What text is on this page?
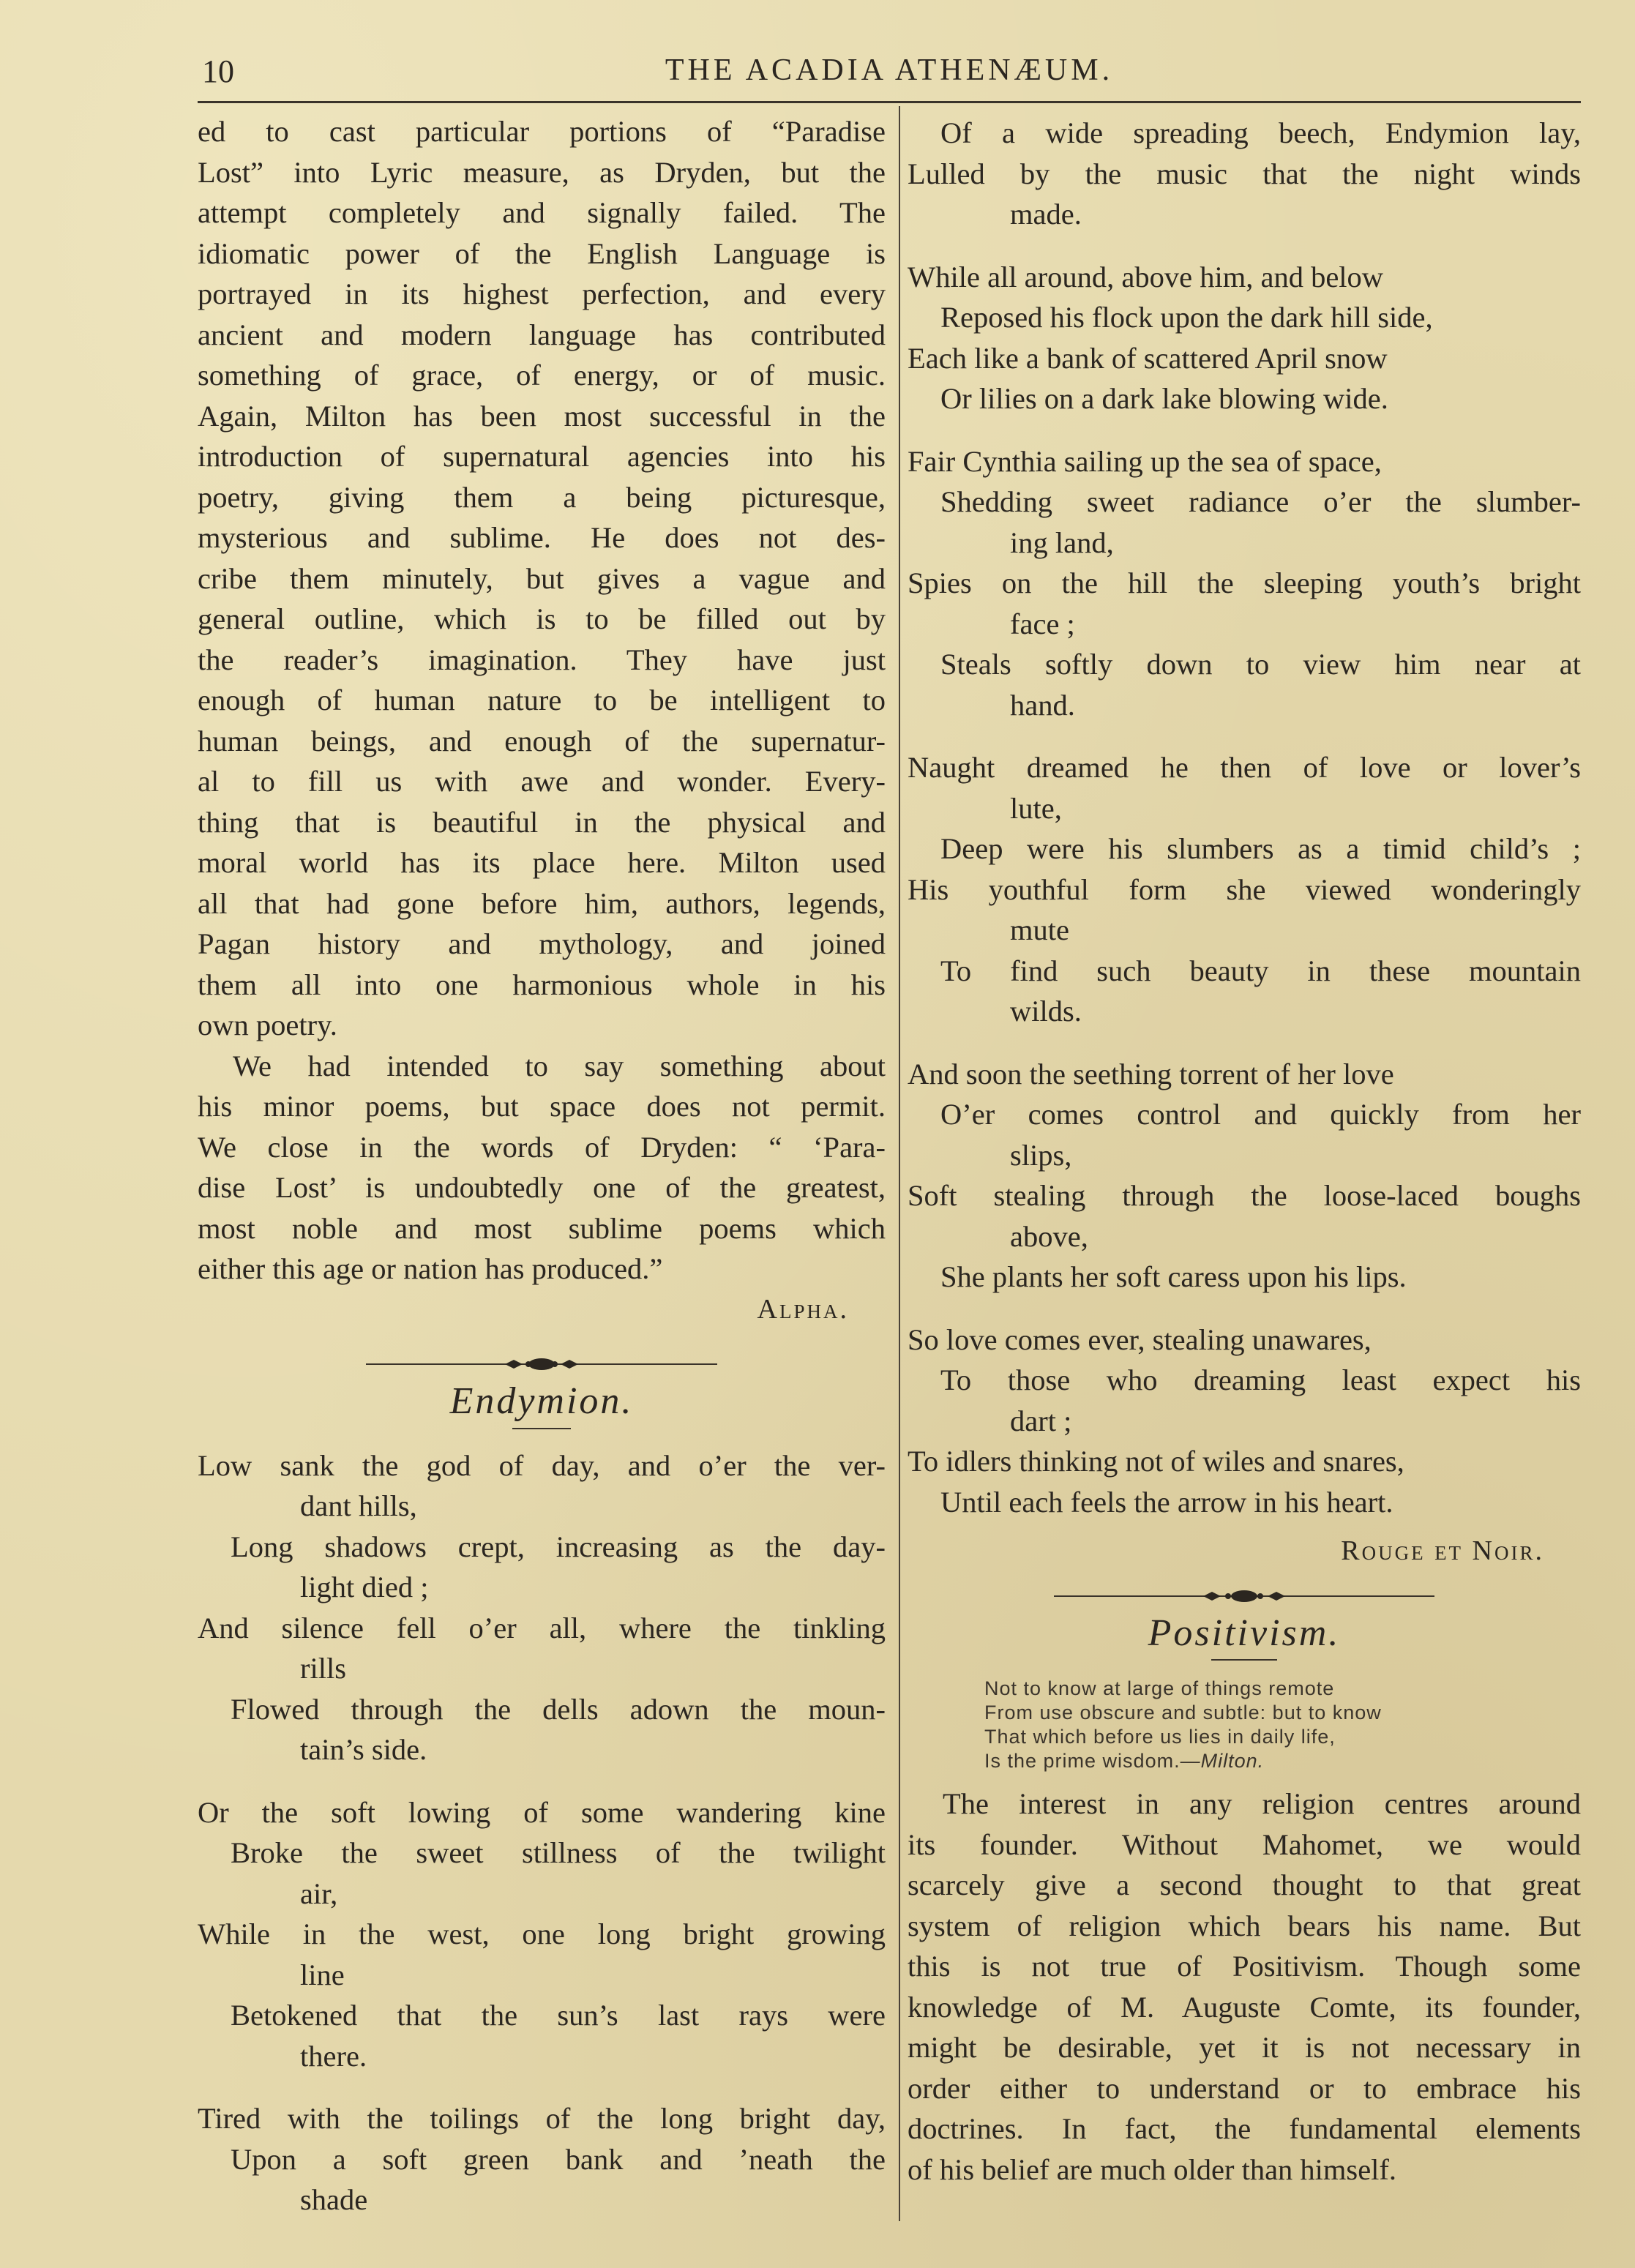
10	THE ACADIA ATHENÆUM.
ed to cast particular portions of “Paradise
Lost” into Lyric measure, as Dryden, but the
attempt completely and signally failed. The
idiomatic power of the English Language is
portrayed in its highest perfection, and every
ancient and modern language has contributed
something of grace, of energy, or of music.
Again, Milton has been most successful in the
introduction of supernatural agencies into his
poetry, giving them a being picturesque,
mysterious and sublime. He does not des-
cribe them minutely, but gives a vague and
general outline, which is to be filled out by
the reader’s imagination. They have just
enough of human nature to be intelligent to
human beings, and enough of the supernatur-
al to fill us with awe and wonder. Every-
thing that is beautiful in the physical and
moral world has its place here. Milton used
all that had gone before him, authors, legends,
Pagan history and mythology, and joined
them all into one harmonious whole in his
own poetry.
We had intended to say something about
his minor poems, but space does not permit.
We close in the words of Dryden: “ ‘Para-
dise Lost’ is undoubtedly one of the greatest,
most noble and most sublime poems which
either this age or nation has produced.”
Alpha.
Endymion.
Low sank the god of day, and o’er the ver-
dant hills,
Long shadows crept, increasing as the day-
light died ;
And silence fell o’er all, where the tinkling
rills
Flowed through the dells adown the moun-
tain’s side.
Or the soft lowing of some wandering kine
Broke the sweet stillness of the twilight
air,
While in the west, one long bright growing
line
Betokened that the sun’s last rays were
there.
Tired with the toilings of the long bright day,
Upon a soft green bank and ’neath the
shade
Of a wide spreading beech, Endymion lay,
Lulled by the music that the night winds
made.
While all around, above him, and below
Reposed his flock upon the dark hill side,
Each like a bank of scattered April snow
Or lilies on a dark lake blowing wide.
Fair Cynthia sailing up the sea of space,
Shedding sweet radiance o’er the slumber-
ing land,
Spies on the hill the sleeping youth’s bright
face ;
Steals softly down to view him near at
hand.
Naught dreamed he then of love or lover’s
lute,
Deep were his slumbers as a timid child’s ;
His youthful form she viewed wonderingly
mute
To find such beauty in these mountain
wilds.
And soon the seething torrent of her love
O’er comes control and quickly from her
slips,
Soft stealing through the loose-laced boughs
above,
She plants her soft caress upon his lips.
So love comes ever, stealing unawares,
To those who dreaming least expect his
dart ;
To idlers thinking not of wiles and snares,
Until each feels the arrow in his heart.
Rouge et Noir.
Positivism.
Not to know at large of things remote
From use obscure and subtle: but to know
That which before us lies in daily life,
Is the prime wisdom.—Milton.
The interest in any religion centres around
its founder. Without Mahomet, we would
scarcely give a second thought to that great
system of religion which bears his name. But
this is not true of Positivism. Though some
knowledge of M. Auguste Comte, its founder,
might be desirable, yet it is not necessary in
order either to understand or to embrace his
doctrines. In fact, the fundamental elements
of his belief are much older than himself.
